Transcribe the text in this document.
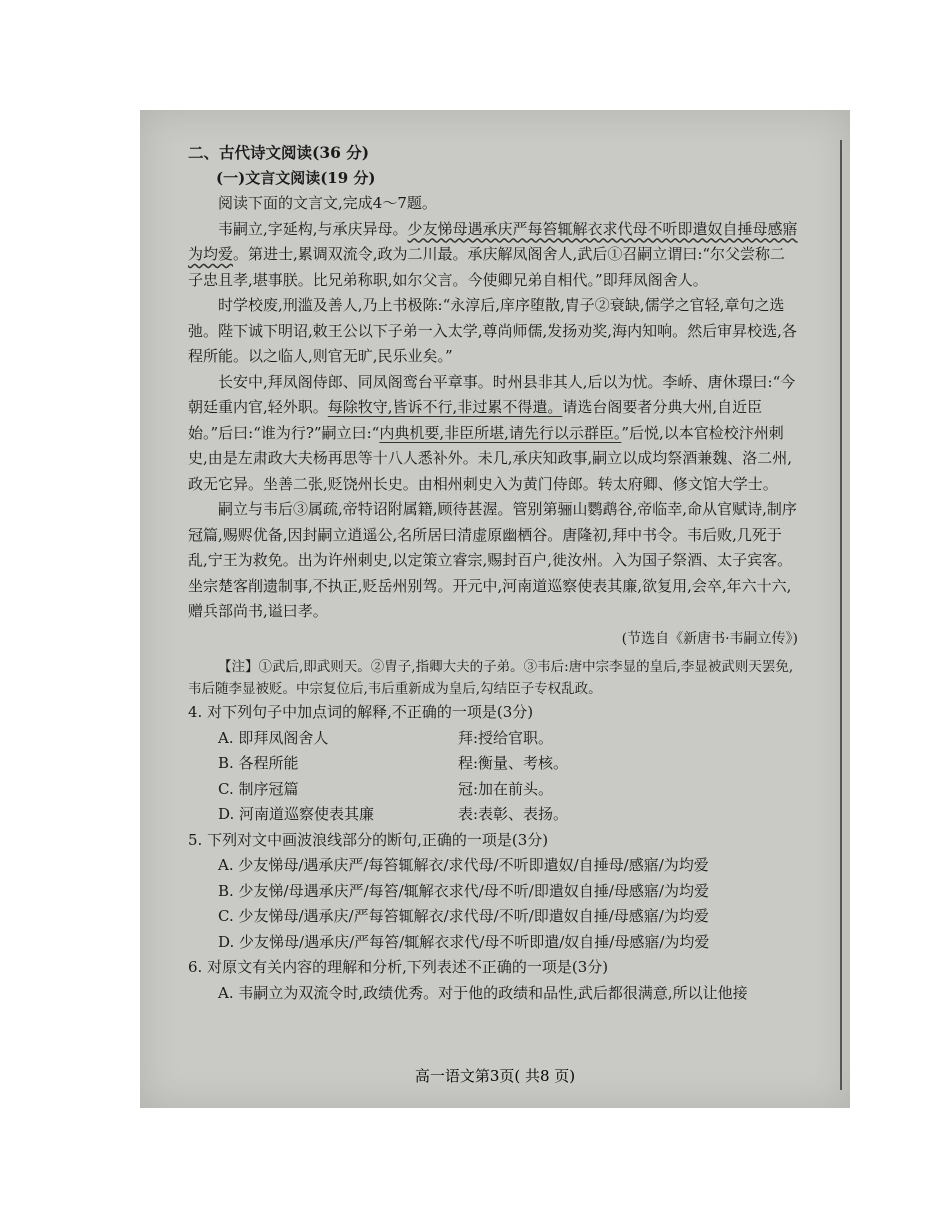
二、古代诗文阅读(36 分)

(一)文言文阅读(19 分)

阅读下面的文言文,完成4～7题。

韦嗣立,字延构,与承庆异母。少友悌母遇承庆严每笞辄解衣求代母不听即遣奴自捶母感寤为均爱。第进士,累调双流令,政为二川最。承庆解凤阁舍人,武后①召嗣立谓曰:“尔父尝称二子忠且孝,堪事朕。比兄弟称职,如尔父言。今使卿兄弟自相代。”即拜凤阁舍人。

时学校废,刑滥及善人,乃上书极陈:“永淳后,庠序堕散,胄子②衰缺,儒学之官轻,章句之选弛。陛下诚下明诏,敕王公以下子弟一入太学,尊尚师儒,发扬劝奖,海内知响。然后审昇校选,各程所能。以之临人,则官无旷,民乐业矣。”

长安中,拜凤阁侍郎、同凤阁鸾台平章事。时州县非其人,后以为忧。李峤、唐休璟曰:“今朝廷重内官,轻外职。每除牧守,皆诉不行,非过累不得遣。请选台阁要者分典大州,自近臣始。”后曰:“谁为行?”嗣立曰:“内典机要,非臣所堪,请先行以示群臣。”后悦,以本官检校汴州刺史,由是左肃政大夫杨再思等十八人悉补外。未几,承庆知政事,嗣立以成均祭酒兼魏、洛二州,政无它异。坐善二张,贬饶州长史。由相州刺史入为黄门侍郎。转太府卿、修文馆大学士。

嗣立与韦后③属疏,帝特诏附属籍,顾待甚渥。管别第骊山鹦鹉谷,帝临幸,命从官赋诗,制序冠篇,赐赆优备,因封嗣立逍遥公,名所居曰清虚原幽栖谷。唐隆初,拜中书令。韦后败,几死于乱,宁王为救免。出为许州刺史,以定策立睿宗,赐封百户,徙汝州。入为国子祭酒、太子宾客。坐宗楚客削遗制事,不执正,贬岳州别驾。开元中,河南道巡察使表其廉,欲复用,会卒,年六十六,赠兵部尚书,谥曰孝。

(节选自《新唐书·韦嗣立传》)

【注】①武后,即武则天。②胄子,指卿大夫的子弟。③韦后:唐中宗李显的皇后,李显被武则天罢免,韦后随李显被贬。中宗复位后,韦后重新成为皇后,勾结臣子专权乱政。

4. 对下列句子中加点词的解释,不正确的一项是(3分)

A. 即拜凤阁舍人	拜:授给官职。
B. 各程所能	程:衡量、考核。
C. 制序冠篇	冠:加在前头。
D. 河南道巡察使表其廉	表:表彰、表扬。

5. 下列对文中画波浪线部分的断句,正确的一项是(3分)

A. 少友悌母/遇承庆严/每笞辄解衣/求代母/不听即遣奴/自捶母/感寤/为均爱

B. 少友悌/母遇承庆严/每笞/辄解衣求代/母不听/即遣奴自捶/母感寤/为均爱

C. 少友悌母/遇承庆/严每笞辄解衣/求代母/不听/即遣奴自捶/母感寤/为均爱

D. 少友悌母/遇承庆/严每笞/辄解衣求代/母不听即遣/奴自捶/母感寤/为均爱

6. 对原文有关内容的理解和分析,下列表述不正确的一项是(3分)

A. 韦嗣立为双流令时,政绩优秀。对于他的政绩和品性,武后都很满意,所以让他接

高一语文第3页( 共8 页)
